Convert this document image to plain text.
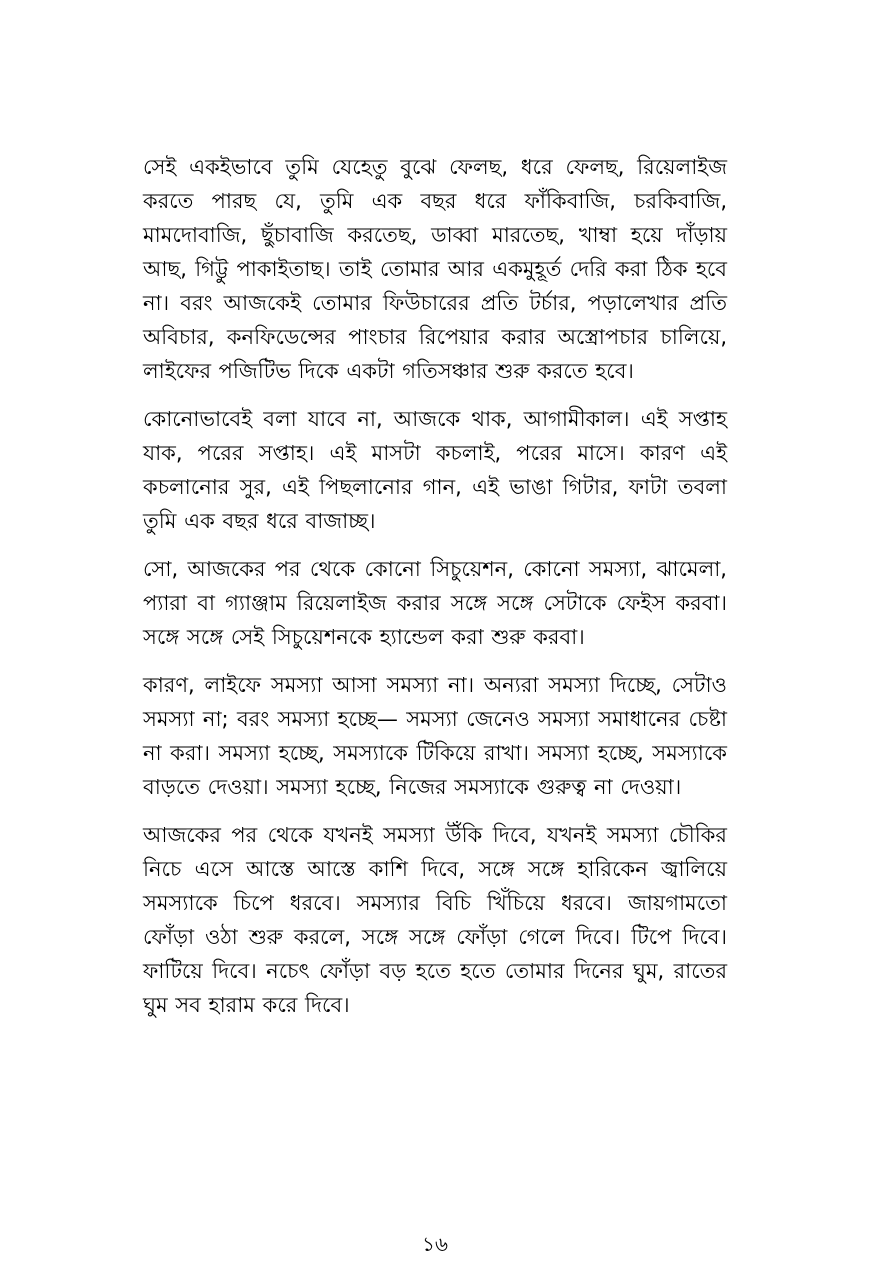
সেই একইভাবে তুমি যেহেতু বুঝে ফেলছ, ধরে ফেলছ, রিয়েলাইজ করতে পারছ যে, তুমি এক বছর ধরে ফাঁকিবাজি, চরকিবাজি, মামদোবাজি, ছুঁচাবাজি করতেছ, ডাব্বা মারতেছ, খাম্বা হয়ে দাঁড়ায় আছ, গিট্টু পাকাইতাছ। তাই তোমার আর একমুহূর্ত দেরি করা ঠিক হবে না। বরং আজকেই তোমার ফিউচারের প্রতি টর্চার, পড়ালেখার প্রতি অবিচার, কনফিডেন্সের পাংচার রিপেয়ার করার অস্ত্রোপচার চালিয়ে, লাইফের পজিটিভ দিকে একটা গতিসঞ্চার শুরু করতে হবে।

কোনোভাবেই বলা যাবে না, আজকে থাক, আগামীকাল। এই সপ্তাহ যাক, পরের সপ্তাহ। এই মাসটা কচলাই, পরের মাসে। কারণ এই কচলানোর সুর, এই পিছলানোর গান, এই ভাঙা গিটার, ফাটা তবলা তুমি এক বছর ধরে বাজাচ্ছ।

সো, আজকের পর থেকে কোনো সিচুয়েশন, কোনো সমস্যা, ঝামেলা, প্যারা বা গ্যাঞ্জাম রিয়েলাইজ করার সঙ্গে সঙ্গে সেটাকে ফেইস করবা। সঙ্গে সঙ্গে সেই সিচুয়েশনকে হ্যান্ডেল করা শুরু করবা।

কারণ, লাইফে সমস্যা আসা সমস্যা না। অন্যরা সমস্যা দিচ্ছে, সেটাও সমস্যা না; বরং সমস্যা হচ্ছে— সমস্যা জেনেও সমস্যা সমাধানের চেষ্টা না করা। সমস্যা হচ্ছে, সমস্যাকে টিকিয়ে রাখা। সমস্যা হচ্ছে, সমস্যাকে বাড়তে দেওয়া। সমস্যা হচ্ছে, নিজের সমস্যাকে গুরুত্ব না দেওয়া।

আজকের পর থেকে যখনই সমস্যা উঁকি দিবে, যখনই সমস্যা চৌকির নিচে এসে আস্তে আস্তে কাশি দিবে, সঙ্গে সঙ্গে হারিকেন জ্বালিয়ে সমস্যাকে চিপে ধরবে। সমস্যার বিচি খিঁচিয়ে ধরবে। জায়গামতো ফোঁড়া ওঠা শুরু করলে, সঙ্গে সঙ্গে ফোঁড়া গেলে দিবে। টিপে দিবে। ফাটিয়ে দিবে। নচেৎ ফোঁড়া বড় হতে হতে তোমার দিনের ঘুম, রাতের ঘুম সব হারাম করে দিবে।

১৬
